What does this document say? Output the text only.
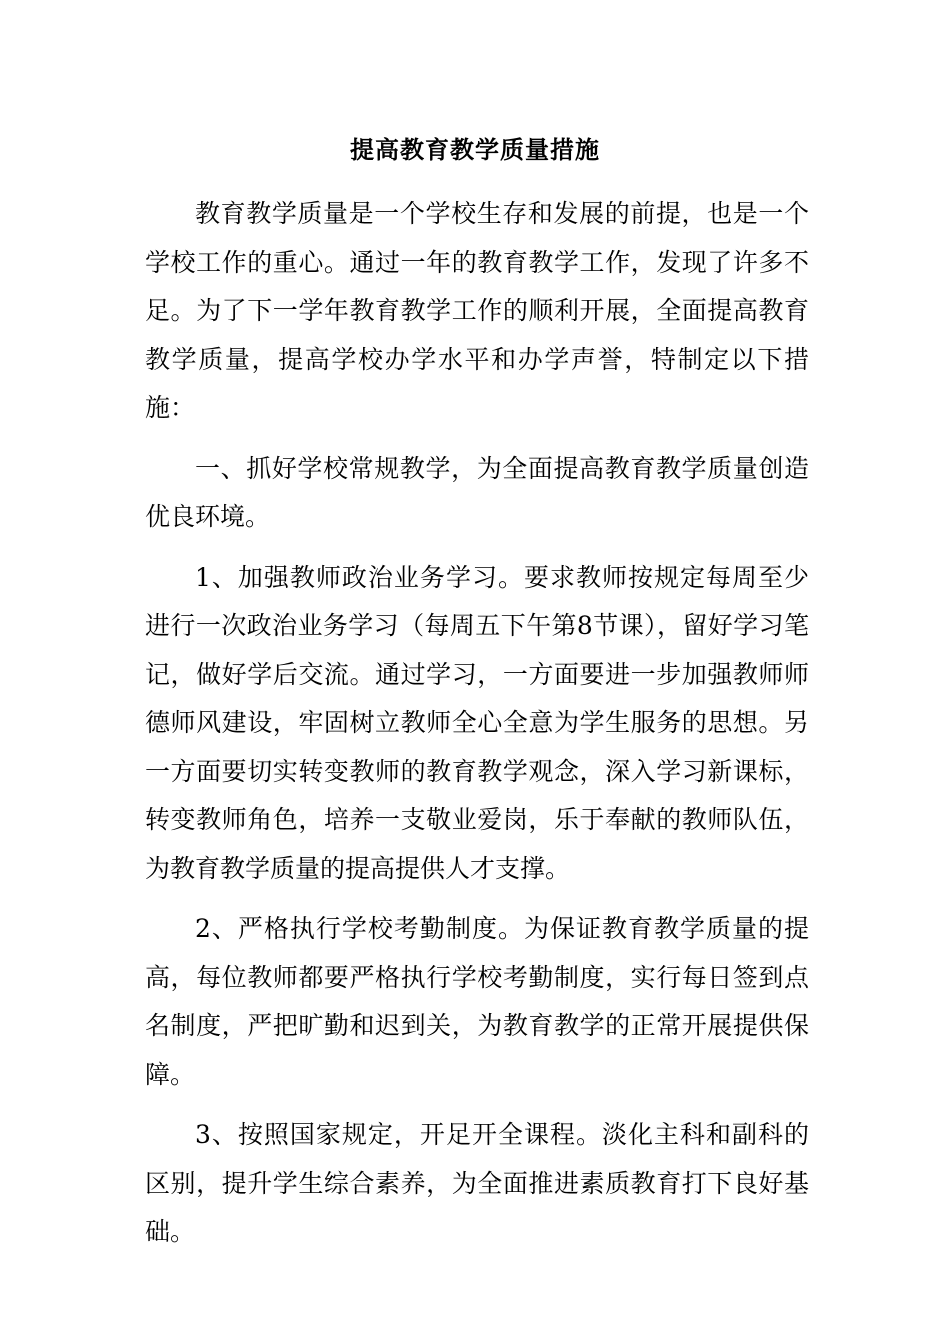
提高教育教学质量措施

教育教学质量是一个学校生存和发展的前提，也是一个学校工作的重心。通过一年的教育教学工作，发现了许多不足。为了下一学年教育教学工作的顺利开展，全面提高教育教学质量，提高学校办学水平和办学声誉，特制定以下措施：

一、抓好学校常规教学，为全面提高教育教学质量创造优良环境。

1、加强教师政治业务学习。要求教师按规定每周至少进行一次政治业务学习（每周五下午第8节课），留好学习笔记，做好学后交流。通过学习，一方面要进一步加强教师师德师风建设，牢固树立教师全心全意为学生服务的思想。另一方面要切实转变教师的教育教学观念，深入学习新课标，转变教师角色，培养一支敬业爱岗，乐于奉献的教师队伍，为教育教学质量的提高提供人才支撑。

2、严格执行学校考勤制度。为保证教育教学质量的提高，每位教师都要严格执行学校考勤制度，实行每日签到点名制度，严把旷勤和迟到关，为教育教学的正常开展提供保障。

3、按照国家规定，开足开全课程。淡化主科和副科的区别，提升学生综合素养，为全面推进素质教育打下良好基础。
